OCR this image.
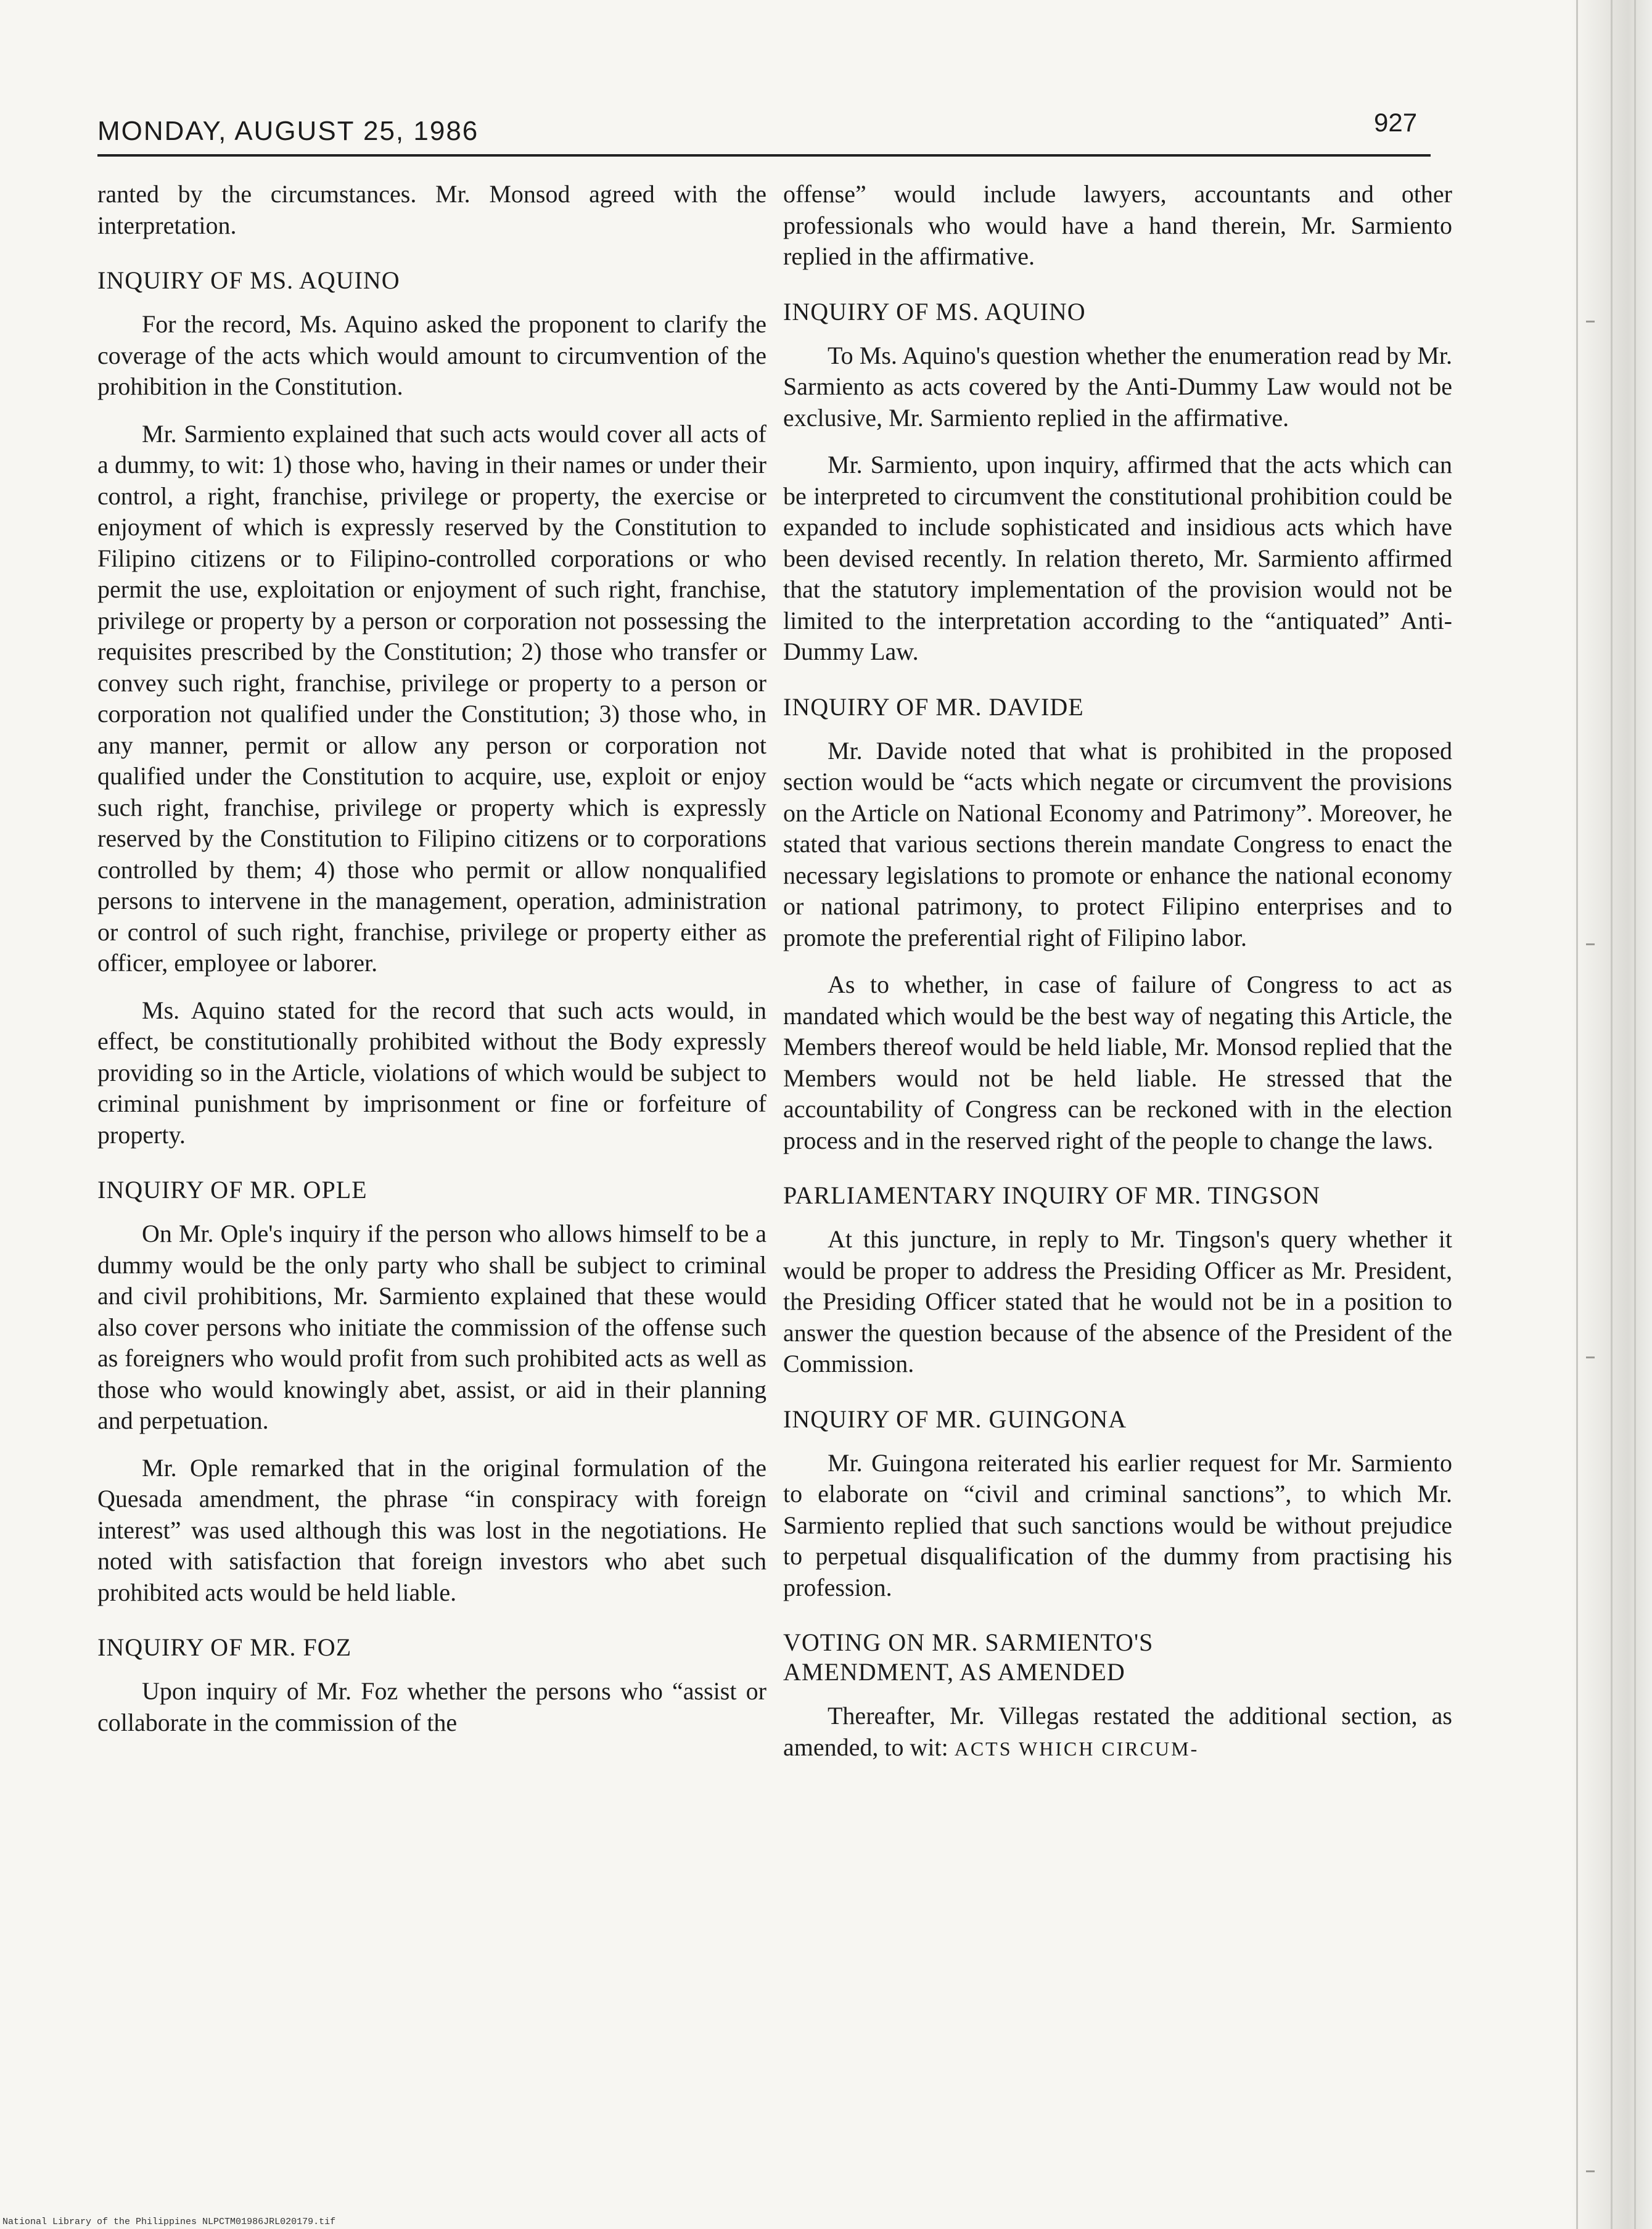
MONDAY, AUGUST 25, 1986	927

ranted by the circumstances. Mr. Monsod agreed with the interpretation.

INQUIRY OF MS. AQUINO

For the record, Ms. Aquino asked the proponent to clarify the coverage of the acts which would amount to circumvention of the prohibition in the Constitution.

Mr. Sarmiento explained that such acts would cover all acts of a dummy, to wit: 1) those who, having in their names or under their control, a right, franchise, privilege or property, the exercise or enjoyment of which is expressly reserved by the Constitution to Filipino citizens or to Filipino-controlled corporations or who permit the use, exploitation or enjoyment of such right, franchise, privilege or property by a person or corporation not possessing the requisites prescribed by the Constitution; 2) those who transfer or convey such right, franchise, privilege or property to a person or corporation not qualified under the Constitution; 3) those who, in any manner, permit or allow any person or corporation not qualified under the Constitution to acquire, use, exploit or enjoy such right, franchise, privilege or property which is expressly reserved by the Constitution to Filipino citizens or to corporations controlled by them; 4) those who permit or allow nonqualified persons to intervene in the management, operation, administration or control of such right, franchise, privilege or property either as officer, employee or laborer.

Ms. Aquino stated for the record that such acts would, in effect, be constitutionally prohibited without the Body expressly providing so in the Article, violations of which would be subject to criminal punishment by imprisonment or fine or forfeiture of property.

INQUIRY OF MR. OPLE

On Mr. Ople's inquiry if the person who allows himself to be a dummy would be the only party who shall be subject to criminal and civil prohibitions, Mr. Sarmiento explained that these would also cover persons who initiate the commission of the offense such as foreigners who would profit from such prohibited acts as well as those who would knowingly abet, assist, or aid in their planning and perpetuation.

Mr. Ople remarked that in the original formulation of the Quesada amendment, the phrase “in conspiracy with foreign interest” was used although this was lost in the negotiations. He noted with satisfaction that foreign investors who abet such prohibited acts would be held liable.

INQUIRY OF MR. FOZ

Upon inquiry of Mr. Foz whether the persons who “assist or collaborate in the commission of the

offense” would include lawyers, accountants and other professionals who would have a hand therein, Mr. Sarmiento replied in the affirmative.

INQUIRY OF MS. AQUINO

To Ms. Aquino's question whether the enumeration read by Mr. Sarmiento as acts covered by the Anti-Dummy Law would not be exclusive, Mr. Sarmiento replied in the affirmative.

Mr. Sarmiento, upon inquiry, affirmed that the acts which can be interpreted to circumvent the constitutional prohibition could be expanded to include sophisticated and insidious acts which have been devised recently. In relation thereto, Mr. Sarmiento affirmed that the statutory implementation of the provision would not be limited to the interpretation according to the “antiquated” Anti-Dummy Law.

INQUIRY OF MR. DAVIDE

Mr. Davide noted that what is prohibited in the proposed section would be “acts which negate or circumvent the provisions on the Article on National Economy and Patrimony”. Moreover, he stated that various sections therein mandate Congress to enact the necessary legislations to promote or enhance the national economy or national patrimony, to protect Filipino enterprises and to promote the preferential right of Filipino labor.

As to whether, in case of failure of Congress to act as mandated which would be the best way of negating this Article, the Members thereof would be held liable, Mr. Monsod replied that the Members would not be held liable. He stressed that the accountability of Congress can be reckoned with in the election process and in the reserved right of the people to change the laws.

PARLIAMENTARY INQUIRY OF MR. TINGSON

At this juncture, in reply to Mr. Tingson's query whether it would be proper to address the Presiding Officer as Mr. President, the Presiding Officer stated that he would not be in a position to answer the question because of the absence of the President of the Commission.

INQUIRY OF MR. GUINGONA

Mr. Guingona reiterated his earlier request for Mr. Sarmiento to elaborate on “civil and criminal sanctions”, to which Mr. Sarmiento replied that such sanctions would be without prejudice to perpetual disqualification of the dummy from practising his profession.

VOTING ON MR. SARMIENTO'S
AMENDMENT, AS AMENDED

Thereafter, Mr. Villegas restated the additional section, as amended, to wit: ACTS WHICH CIRCUM-

National Library of the Philippines NLPCTM01986JRL020179.tif
